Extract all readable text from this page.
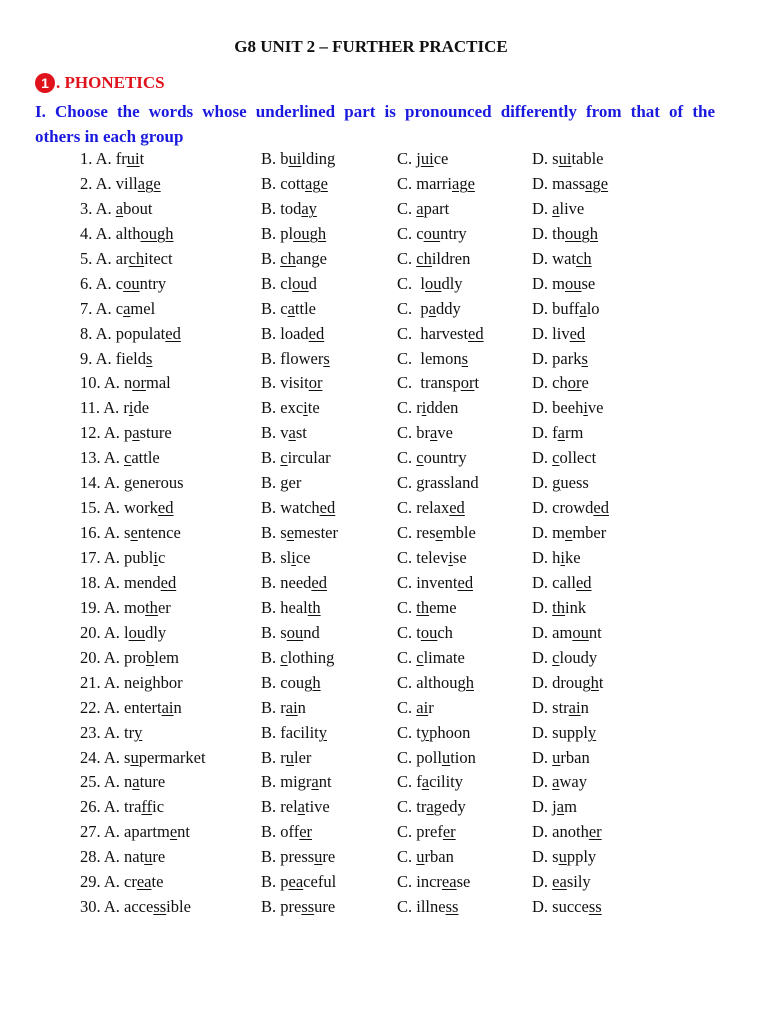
G8 UNIT 2 – FURTHER PRACTICE
1 . PHONETICS
I. Choose the words whose underlined part is pronounced differently from that of the
others in each group
1. A. fruit	B. building	C. juice	D. suitable
2. A. village	B. cottage	C. marriage	D. massage
3. A. about	B. today	C. apart	D. alive
4. A. although	B. plough	C. country	D. though
5. A. architect	B. change	C. children	D. watch
6. A. country	B. cloud	C.  loudly	D. mouse
7. A. camel	B. cattle	C.  paddy	D. buffalo
8. A. populated	B. loaded	C.  harvested	D. lived
9. A. fields	B. flowers	C.  lemons	D. parks
10. A. normal	B. visitor	C.  transport	D. chore
11. A. ride	B. excite	C. ridden	D. beehive
12. A. pasture	B. vast	C. brave	D. farm
13. A. cattle	B. circular	C. country	D. collect
14. A. generous	B. ger	C. grassland	D. guess
15. A. worked	B. watched	C. relaxed	D. crowded
16. A. sentence	B. semester	C. resemble	D. member
17. A. public	B. slice	C. televise	D. hike
18. A. mended	B. needed	C. invented	D. called
19. A. mother	B. health	C. theme	D. think
20. A. loudly	B. sound	C. touch	D. amount
20. A. problem	B. clothing	C. climate	D. cloudy
21. A. neighbor	B. cough	C. although	D. drought
22. A. entertain	B. rain	C. air	D. strain
23. A. try	B. facility	C. typhoon	D. supply
24. A. supermarket	B. ruler	C. pollution	D. urban
25. A. nature	B. migrant	C. facility	D. away
26. A. traffic	B. relative	C. tragedy	D. jam
27. A. apartment	B. offer	C. prefer	D. another
28. A. nature	B. pressure	C. urban	D. supply
29. A. create	B. peaceful	C. increase	D. easily
30. A. accessible	B. pressure	C. illness	D. success
